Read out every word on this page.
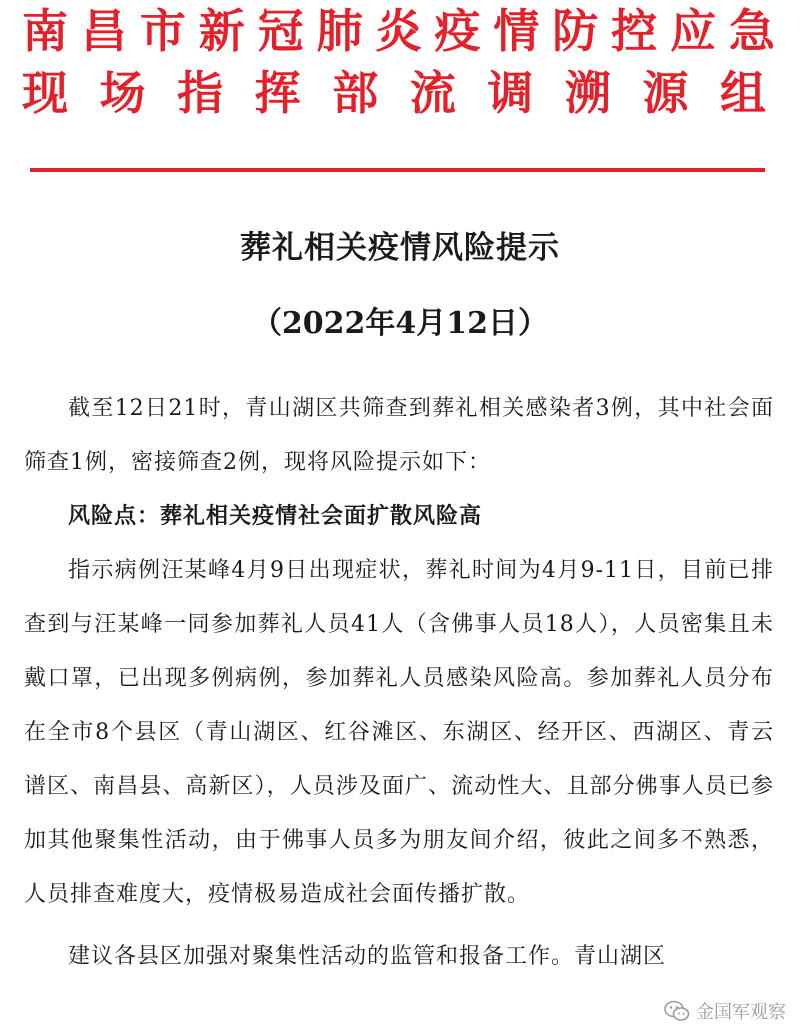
南昌市新冠肺炎疫情防控应急
现场指挥部流调溯源组
葬礼相关疫情风险提示
（2022年4月12日）

截至12日21时，青山湖区共筛查到葬礼相关感染者3例，其中社会面筛查1例，密接筛查2例，现将风险提示如下：

风险点：葬礼相关疫情社会面扩散风险高

指示病例汪某峰4月9日出现症状，葬礼时间为4月9-11日，目前已排查到与汪某峰一同参加葬礼人员41人（含佛事人员18人），人员密集且未戴口罩，已出现多例病例，参加葬礼人员感染风险高。参加葬礼人员分布在全市8个县区（青山湖区、红谷滩区、东湖区、经开区、西湖区、青云谱区、南昌县、高新区），人员涉及面广、流动性大、且部分佛事人员已参加其他聚集性活动，由于佛事人员多为朋友间介绍，彼此之间多不熟悉，人员排查难度大，疫情极易造成社会面传播扩散。

建议各县区加强对聚集性活动的监管和报备工作。青山湖区

金国军观察
